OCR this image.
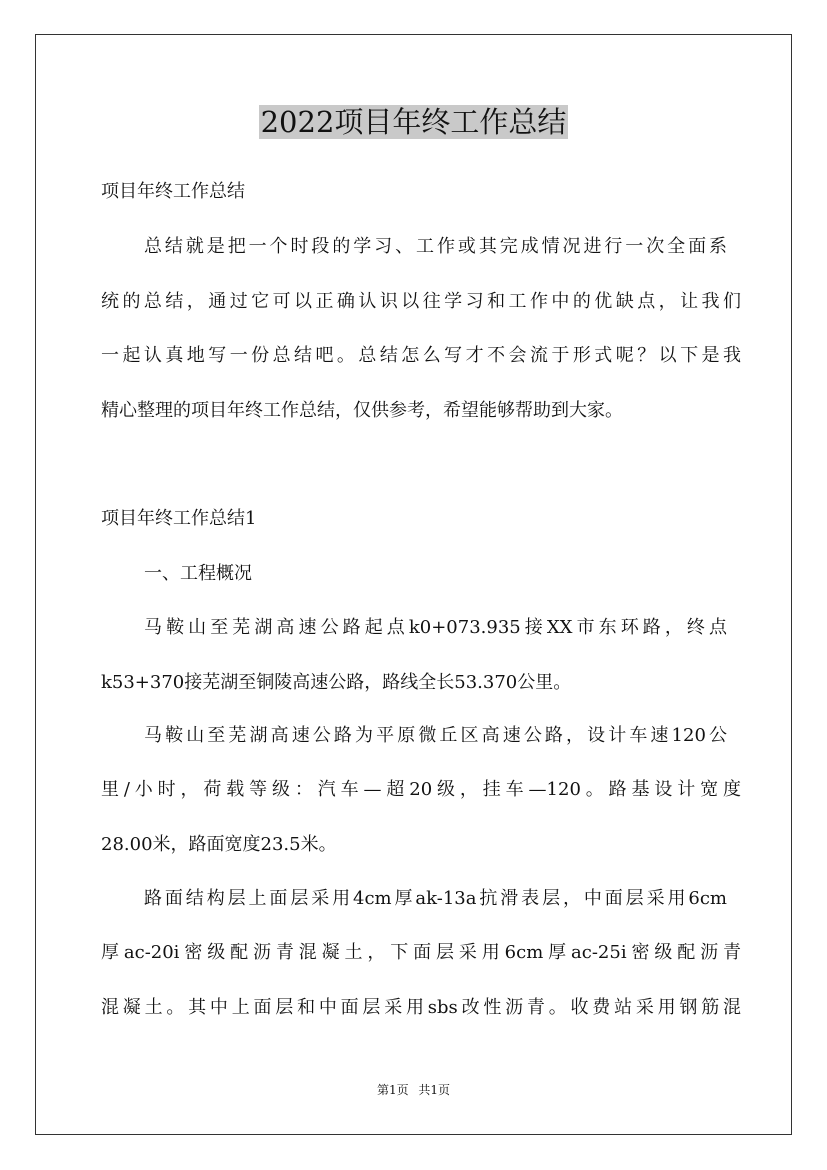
2022项目年终工作总结

项目年终工作总结

总结就是把一个时段的学习、工作或其完成情况进行一次全面系

统的总结，通过它可以正确认识以往学习和工作中的优缺点，让我们

一起认真地写一份总结吧。总结怎么写才不会流于形式呢？以下是我

精心整理的项目年终工作总结，仅供参考，希望能够帮助到大家。

项目年终工作总结1

一、工程概况

马鞍山至芜湖高速公路起点k0+073.935接XX市东环路，终点

k53+370接芜湖至铜陵高速公路，路线全长53.370公里。

马鞍山至芜湖高速公路为平原微丘区高速公路，设计车速120公

里/小时，荷载等级：汽车—超20级，挂车—120。路基设计宽度

28.00米，路面宽度23.5米。

路面结构层上面层采用4cm厚ak-13a抗滑表层，中面层采用6cm

厚ac-20i密级配沥青混凝土，下面层采用6cm厚ac-25i密级配沥青

混凝土。其中上面层和中面层采用sbs改性沥青。收费站采用钢筋混

第1页 共1页
